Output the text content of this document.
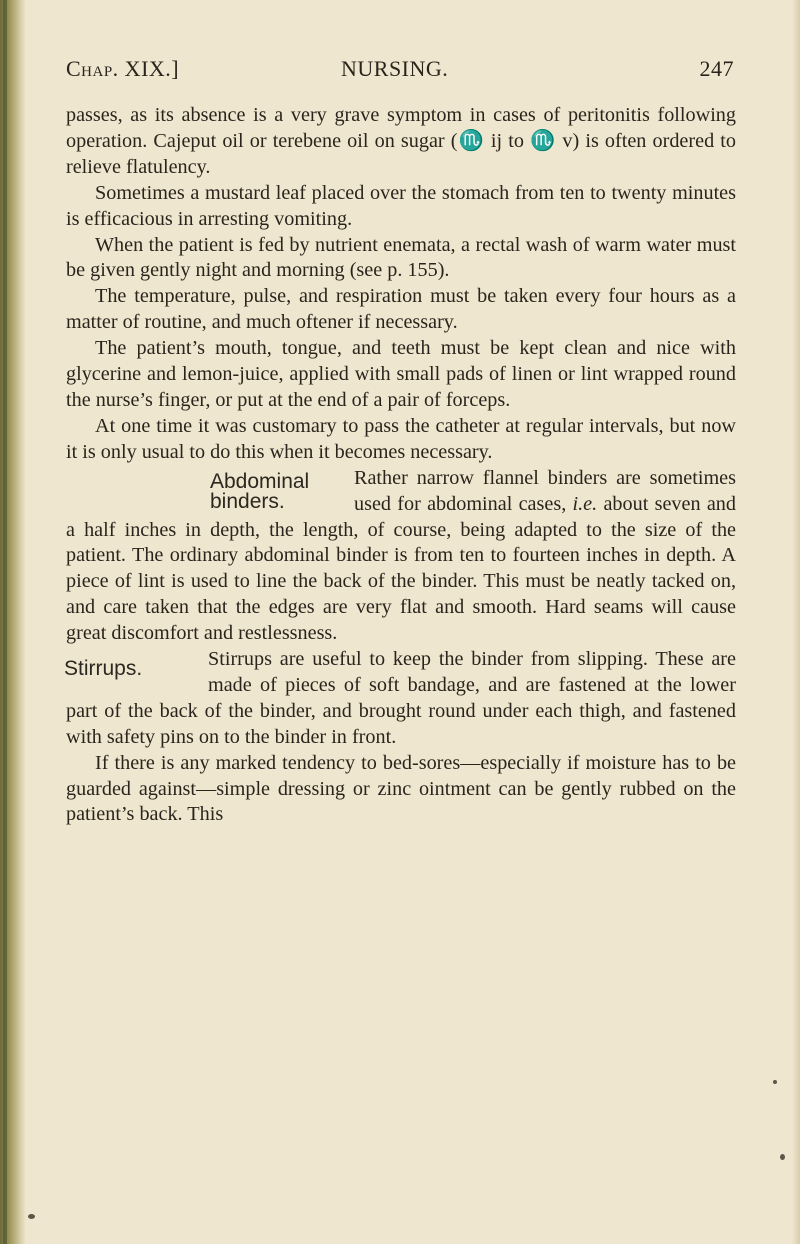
Chap. XIX.]	NURSING.	247

passes, as its absence is a very grave symptom in cases of peritonitis following operation. Cajeput oil or terebene oil on sugar (♏ ij to ♏ v) is often ordered to relieve flatulency.

Sometimes a mustard leaf placed over the stomach from ten to twenty minutes is efficacious in arresting vomiting.

When the patient is fed by nutrient enemata, a rectal wash of warm water must be given gently night and morning (see p. 155).

The temperature, pulse, and respiration must be taken every four hours as a matter of routine, and much oftener if necessary.

The patient’s mouth, tongue, and teeth must be kept clean and nice with glycerine and lemon-juice, applied with small pads of linen or lint wrapped round the nurse’s finger, or put at the end of a pair of forceps.

At one time it was customary to pass the catheter at regular intervals, but now it is only usual to do this when it becomes necessary.

Abdominal binders.
Rather narrow flannel binders are sometimes used for abdominal cases, i.e. about seven and a half inches in depth, the length, of course, being adapted to the size of the patient. The ordinary abdominal binder is from ten to fourteen inches in depth. A piece of lint is used to line the back of the binder. This must be neatly tacked on, and care taken that the edges are very flat and smooth. Hard seams will cause great discomfort and restlessness.

Stirrups.	Stirrups are useful to keep the binder from slipping. These are made of pieces of soft bandage, and are fastened at the lower part of the back of the binder, and brought round under each thigh, and fastened with safety pins on to the binder in front.

If there is any marked tendency to bed-sores—especially if moisture has to be guarded against—simple dressing or zinc ointment can be gently rubbed on the patient’s back. This
